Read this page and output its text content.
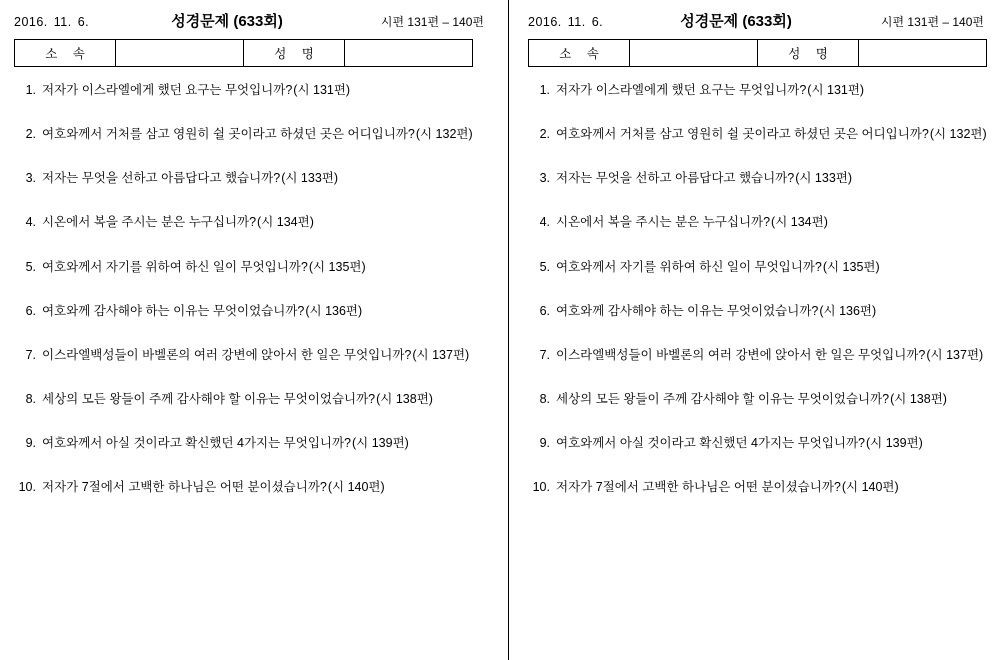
2016. 11. 6.	성경문제 (633회)	시편 131편 – 140편
소 속		성 명	
1. 저자가 이스라엘에게 했던 요구는 무엇입니까? (시 131편)
2. 여호와께서 거처를 삼고 영원히 쉴 곳이라고 하셨던 곳은 어디입니까? (시 132편)
3. 저자는 무엇을 선하고 아름답다고 했습니까? (시 133편)
4. 시온에서 복을 주시는 분은 누구십니까? (시 134편)
5. 여호와께서 자기를 위하여 하신 일이 무엇입니까? (시 135편)
6. 여호와께 감사해야 하는 이유는 무엇이었습니까? (시 136편)
7. 이스라엘백성들이 바벨론의 여러 강변에 앉아서 한 일은 무엇입니까? (시 137편)
8. 세상의 모든 왕들이 주께 감사해야 할 이유는 무엇이었습니까? (시 138편)
9. 여호와께서 아실 것이라고 확신했던 4가지는 무엇입니까? (시 139편)
10. 저자가 7절에서 고백한 하나님은 어떤 분이셨습니까? (시 140편)
2016. 11. 6.	성경문제 (633회)	시편 131편 – 140편
소 속		성 명	
1. 저자가 이스라엘에게 했던 요구는 무엇입니까? (시 131편)
2. 여호와께서 거처를 삼고 영원히 쉴 곳이라고 하셨던 곳은 어디입니까? (시 132편)
3. 저자는 무엇을 선하고 아름답다고 했습니까? (시 133편)
4. 시온에서 복을 주시는 분은 누구십니까? (시 134편)
5. 여호와께서 자기를 위하여 하신 일이 무엇입니까? (시 135편)
6. 여호와께 감사해야 하는 이유는 무엇이었습니까? (시 136편)
7. 이스라엘백성들이 바벨론의 여러 강변에 앉아서 한 일은 무엇입니까? (시 137편)
8. 세상의 모든 왕들이 주께 감사해야 할 이유는 무엇이었습니까? (시 138편)
9. 여호와께서 아실 것이라고 확신했던 4가지는 무엇입니까? (시 139편)
10. 저자가 7절에서 고백한 하나님은 어떤 분이셨습니까? (시 140편)
